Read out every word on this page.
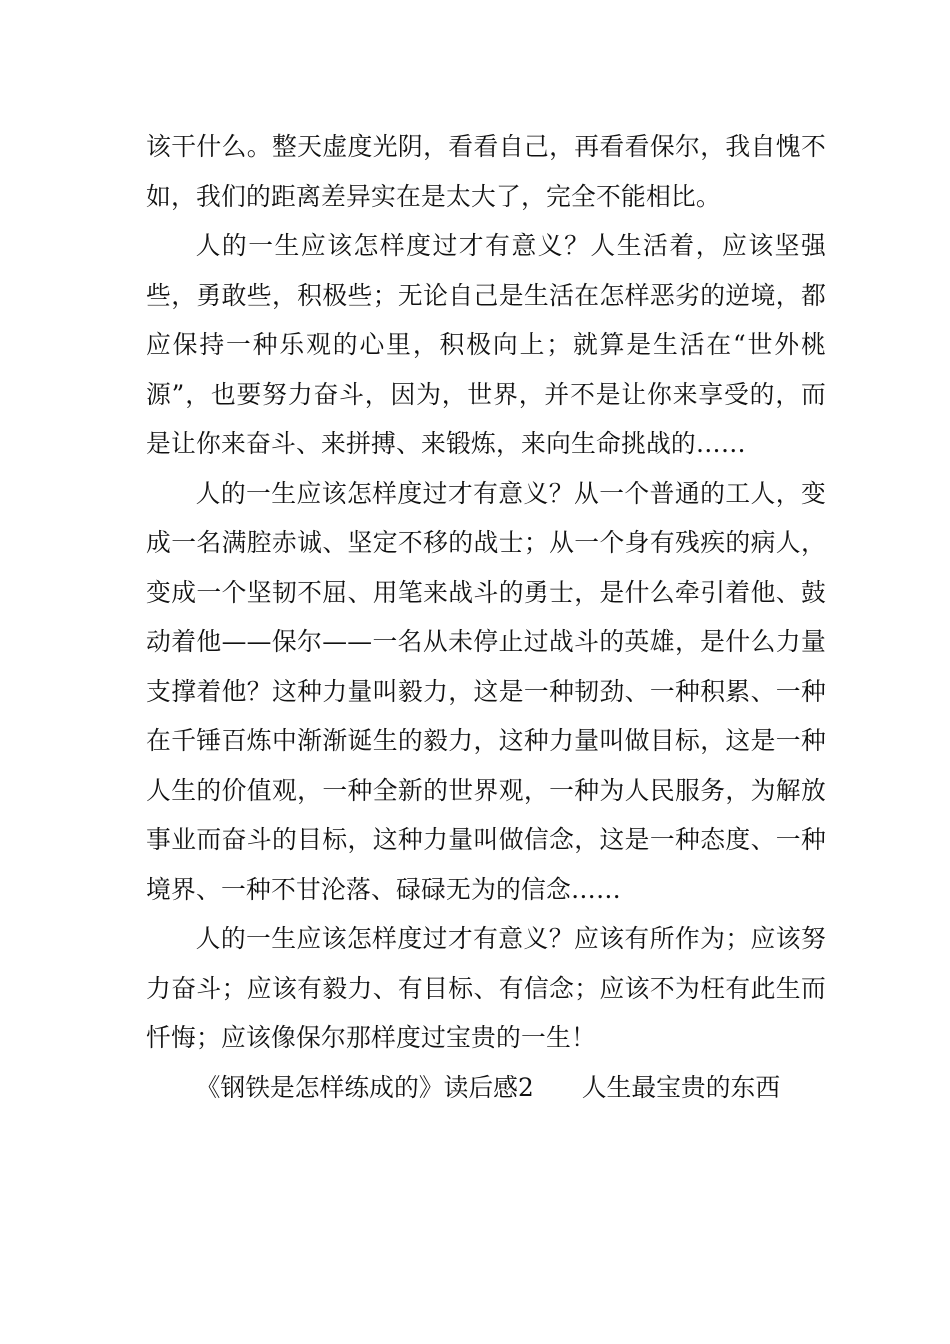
该干什么。整天虚度光阴，看看自己，再看看保尔，我自愧不如，我们的距离差异实在是太大了，完全不能相比。

人的一生应该怎样度过才有意义？人生活着，应该坚强些，勇敢些，积极些；无论自己是生活在怎样恶劣的逆境，都应保持一种乐观的心里，积极向上；就算是生活在“世外桃源”，也要努力奋斗，因为，世界，并不是让你来享受的，而是让你来奋斗、来拼搏、来锻炼，来向生命挑战的……

人的一生应该怎样度过才有意义？从一个普通的工人，变成一名满腔赤诚、坚定不移的战士；从一个身有残疾的病人，变成一个坚韧不屈、用笔来战斗的勇士，是什么牵引着他、鼓动着他——保尔——一名从未停止过战斗的英雄，是什么力量支撑着他？这种力量叫毅力，这是一种韧劲、一种积累、一种在千锤百炼中渐渐诞生的毅力，这种力量叫做目标，这是一种人生的价值观，一种全新的世界观，一种为人民服务，为解放事业而奋斗的目标，这种力量叫做信念，这是一种态度、一种境界、一种不甘沦落、碌碌无为的信念……

人的一生应该怎样度过才有意义？应该有所作为；应该努力奋斗；应该有毅力、有目标、有信念；应该不为枉有此生而忏悔；应该像保尔那样度过宝贵的一生！

《钢铁是怎样练成的》读后感2 人生最宝贵的东西
